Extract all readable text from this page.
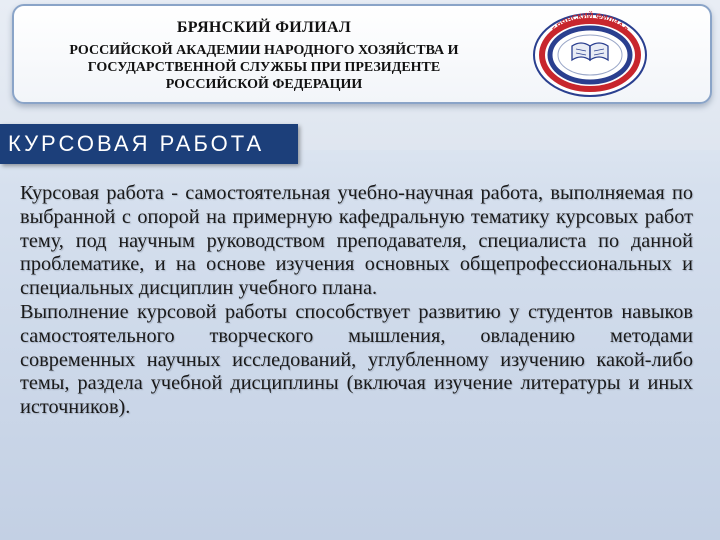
БРЯНСКИЙ ФИЛИАЛ
РОССИЙСКОЙ АКАДЕМИИ НАРОДНОГО ХОЗЯЙСТВА И ГОСУДАРСТВЕННОЙ СЛУЖБЫ ПРИ ПРЕЗИДЕНТЕ РОССИЙСКОЙ ФЕДЕРАЦИИ
БРЯНСКИЙ ФИЛИАЛ
КУРСОВАЯ РАБОТА

Курсовая работа - самостоятельная учебно-научная работа, выполняемая по выбранной с опорой на примерную кафедральную тематику курсовых работ тему, под научным руководством преподавателя, специалиста по данной проблематике, и на основе изучения основных общепрофессиональных и специальных дисциплин учебного плана.

Выполнение курсовой работы способствует развитию у студентов навыков самостоятельного творческого мышления, овладению методами современных научных исследований, углубленному изучению какой-либо темы, раздела учебной дисциплины (включая изучение литературы и иных источников).
